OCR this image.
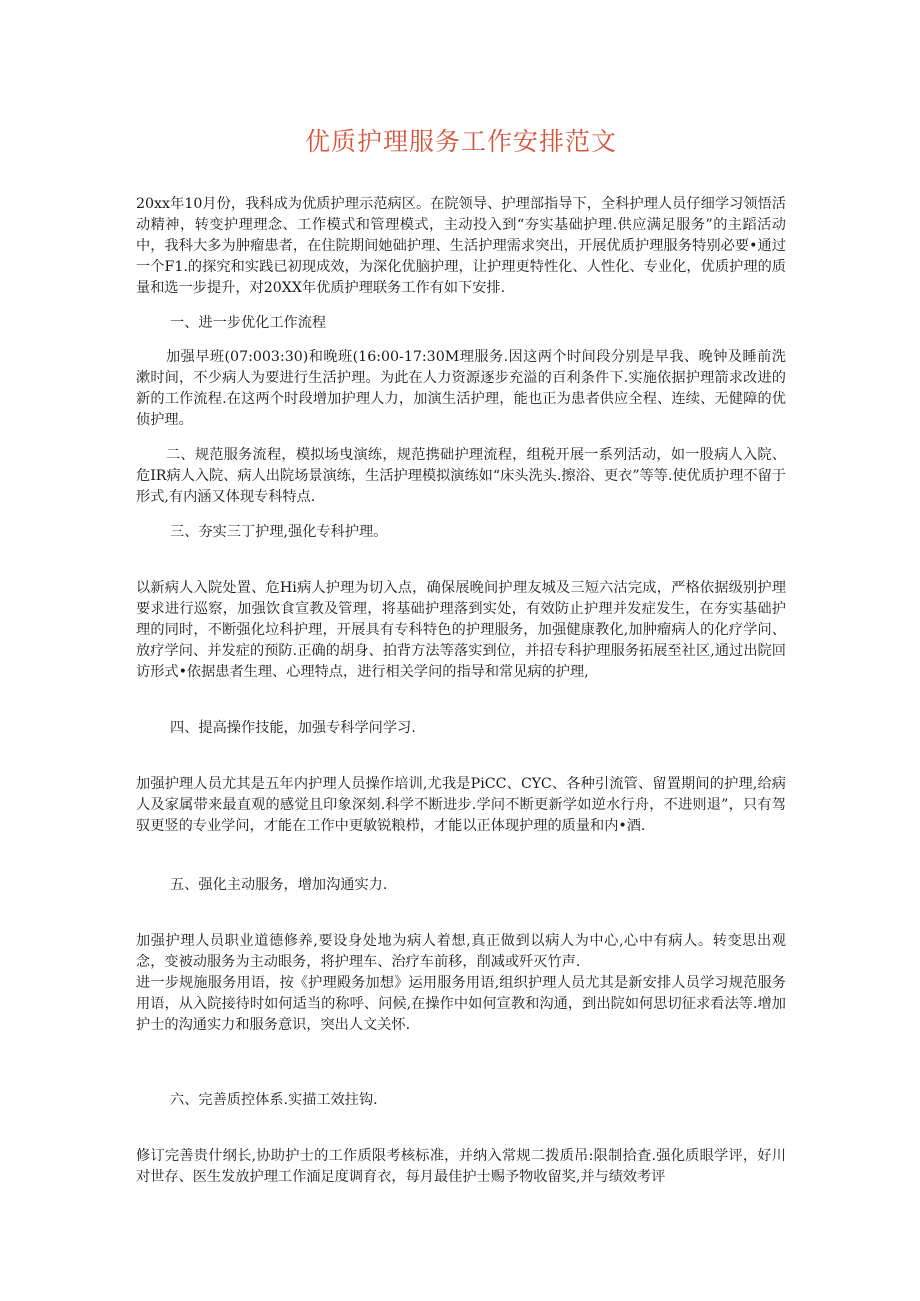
优质护理服务工作安排范文

20xx年10月份，我科成为优质护理示范病区。在院领导、护理部指导下，全科护理人员仔细学习领悟活动精神，转变护理理念、工作模式和管理模式，主动投入到“夯实基础护理.供应满足服务”的主蹈活动中，我科大多为肿瘤患者，在住院期间她础护理、生活护理需求突出，开展优质护理服务特别必要•通过一个F1.的探究和实践已初现成效，为深化优脑护理，让护理更特性化、人性化、专业化，优质护理的质量和选一步提升，对20XX年优质护理联务工作有如下安排.

一、进一步优化工作流程

加强早班(07:003:30)和晚班(16:00-17:30M理服务.因这两个时间段分别是早我、晚钟及睡前洗漱时间，不少病人为要进行生活护理。为此在人力资源逐步充溢的百利条件下.实施依据护理箭求改进的新的工作流程.在这两个时段增加护理人力，加演生活护理，能也正为患者供应全程、连续、无健障的优侦护理。

二、规范服务流程，模拟场曳演练，规范携础护理流程，组税开展一系列活动，如一股病人入院、危IR病人入院、病人出院场景演练，生活护理模拟演练如“床头洗头.擦浴、更衣”等等.使优质护理不留于形式,有内涵又体现专科特点.

三、夯实三丁护理,强化专科护理。

以新病人入院处置、危Hi病人护理为切入点，确保展晚间护理友城及三短六沽完成，严格依据级别护理要求进行巡察，加强饮食宣教及管理，将基础护理落到实处，有效防止护理并发症发生，在夯实基础护理的同时，不断强化垃科护理，开展具有专科特色的护理服务，加强健康教化,加肿瘤病人的化疗学问、放疗学问、并发症的预防.正确的胡身、拍背方法等落实到位，并招专科护理服务拓展至社区,通过出院回访形式•依据患者生理、心理特点，进行相关学问的指导和常见病的护理,

四、提高操作技能，加强专科学问学习.

加强护理人员尤其是五年内护理人员操作培训,尤我是PiCC、CYC、各种引流管、留置期间的护理,给病人及家属带来最直观的感觉且印象深刻.科学不断进步.学问不断更新学如逆水行舟，不进则退”，只有驾驭更竖的专业学问，才能在工作中更敏锐粮栉，才能以正体现护理的质量和内•酒.

五、强化主动服务，增加沟通实力.

加强护理人员职业道德修养,要设身处地为病人着想,真正做到以病人为中心,心中有病人。转变思出观念，变被动服务为主动眼务，将护理车、治疗车前移，削减或歼灭竹声.

进一步规施服务用语，按《护理殿务加想》运用服务用语,组织护理人员尤其是新安排人员学习规范服务用语，从入院接待时如何适当的称呼、问候,在操作中如何宣教和沟通，到出院如何思切征求看法等.增加护士的沟通实力和服务意识，突出人文关怀.

六、完善质控体系.实描工效拄钩.

修订完善贵什纲长,协助护士的工作质限考核标准，并纳入常规二拨质吊:限制拾査.强化质眼学评，好川对世存、医生发放护理工作湎足度调育衣，每月最佳护士赐予物收留奖,并与绩效考评
